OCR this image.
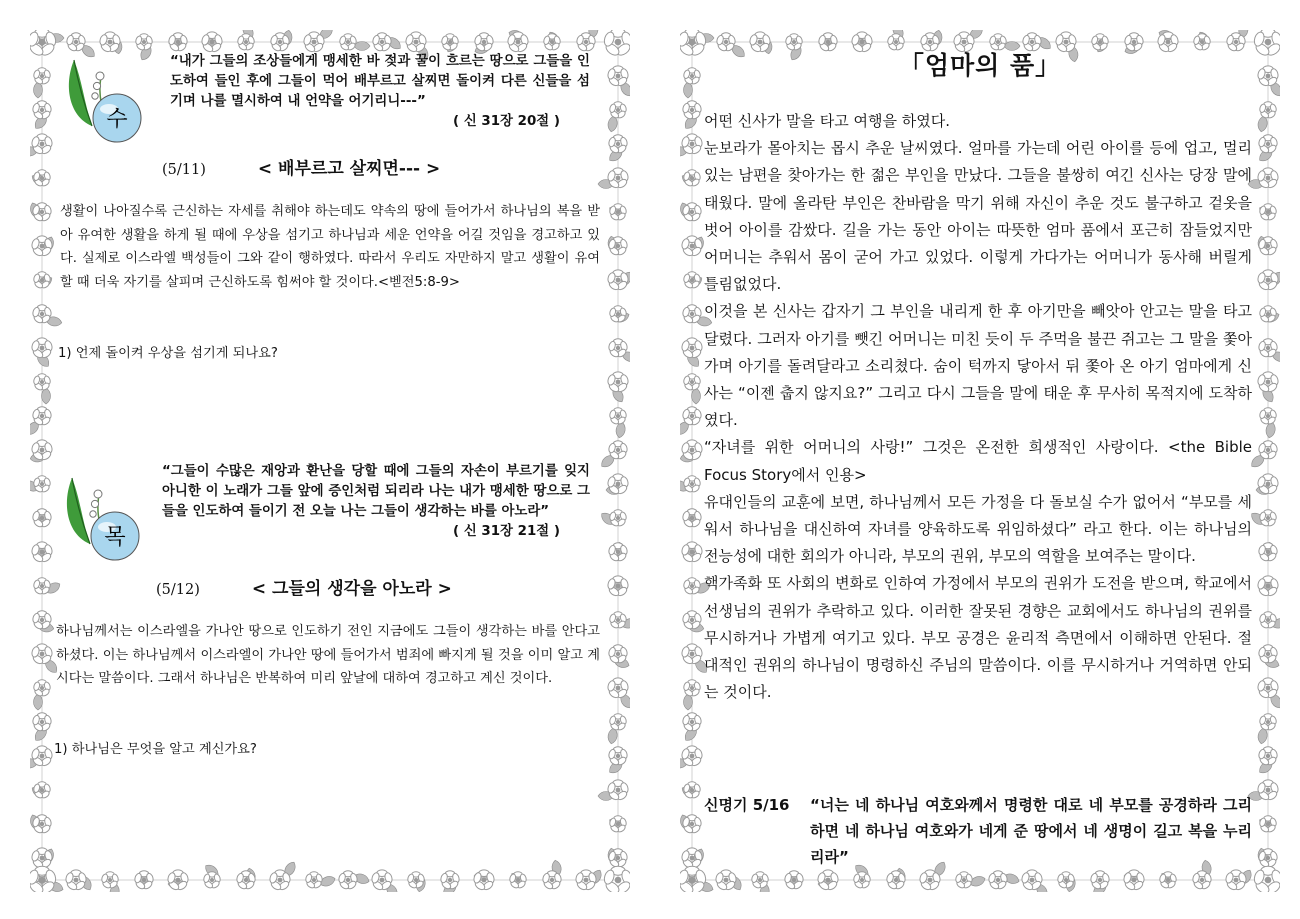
수
“내가 그들의 조상들에게 맹세한 바 젖과 꿀이 흐르는 땅으로 그들을 인도하여 들인 후에 그들이 먹어 배부르고 살찌면 돌이켜 다른 신들을 섬기며 나를 멸시하여 내 언약을 어기리니---”
( 신 31장 20절 )
(5/11)	< 배부르고 살찌면--- >
생활이 나아질수록 근신하는 자세를 취해야 하는데도 약속의 땅에 들어가서 하나님의 복을 받아 유여한 생활을 하게 될 때에 우상을 섬기고 하나님과 세운 언약을 어길 것임을 경고하고 있다. 실제로 이스라엘 백성들이 그와 같이 행하였다. 따라서 우리도 자만하지 말고 생활이 유여할 때 더욱 자기를 살피며 근신하도록 힘써야 할 것이다.<벧전5:8-9>
1) 언제 돌이켜 우상을 섬기게 되나요?
목
“그들이 수많은 재앙과 환난을 당할 때에 그들의 자손이 부르기를 잊지 아니한 이 노래가 그들 앞에 증인처럼 되리라 나는 내가 맹세한 땅으로 그들을 인도하여 들이기 전 오늘 나는 그들이 생각하는 바를 아노라”
( 신 31장 21절 )
(5/12)	< 그들의 생각을 아노라 >
하나님께서는 이스라엘을 가나안 땅으로 인도하기 전인 지금에도 그들이 생각하는 바를 안다고 하셨다. 이는 하나님께서 이스라엘이 가나안 땅에 들어가서 범죄에 빠지게 될 것을 이미 알고 계시다는 말씀이다. 그래서 하나님은 반복하여 미리 앞날에 대하여 경고하고 계신 것이다.
1) 하나님은 무엇을 알고 계신가요?
「엄마의 품」

어떤 신사가 말을 타고 여행을 하였다.

눈보라가 몰아치는 몹시 추운 날씨였다. 얼마를 가는데 어린 아이를 등에 업고, 멀리 있는 남편을 찾아가는 한 젊은 부인을 만났다. 그들을 불쌍히 여긴 신사는 당장 말에 태웠다. 말에 올라탄 부인은 찬바람을 막기 위해 자신이 추운 것도 불구하고 겉옷을 벗어 아이를 감쌌다. 길을 가는 동안 아이는 따뜻한 엄마 품에서 포근히 잠들었지만 어머니는 추워서 몸이 굳어 가고 있었다. 이렇게 가다가는 어머니가 동사해 버릴게 틀림없었다.

이것을 본 신사는 갑자기 그 부인을 내리게 한 후 아기만을 빼앗아 안고는 말을 타고 달렸다. 그러자 아기를 뺏긴 어머니는 미친 듯이 두 주먹을 불끈 쥐고는 그 말을 쫓아가며 아기를 돌려달라고 소리쳤다. 숨이 턱까지 닿아서 뒤 쫓아 온 아기 엄마에게 신사는 “이젠 춥지 않지요?” 그리고 다시 그들을 말에 태운 후 무사히 목적지에 도착하였다.

“자녀를 위한 어머니의 사랑!” 그것은 온전한 희생적인 사랑이다. <the Bible Focus Story에서 인용>

유대인들의 교훈에 보면, 하나님께서 모든 가정을 다 돌보실 수가 없어서 “부모를 세워서 하나님을 대신하여 자녀를 양육하도록 위임하셨다” 라고 한다. 이는 하나님의 전능성에 대한 회의가 아니라, 부모의 권위, 부모의 역할을 보여주는 말이다.

핵가족화 또 사회의 변화로 인하여 가정에서 부모의 권위가 도전을 받으며, 학교에서 선생님의 권위가 추락하고 있다. 이러한 잘못된 경향은 교회에서도 하나님의 권위를 무시하거나 가볍게 여기고 있다. 부모 공경은 윤리적 측면에서 이해하면 안된다. 절대적인 권위의 하나님이 명령하신 주님의 말씀이다. 이를 무시하거나 거역하면 안되는 것이다.

신명기 5/16	“너는 네 하나님 여호와께서 명령한 대로 네 부모를 공경하라 그리하면 네 하나님 여호와가 네게 준 땅에서 네 생명이 길고 복을 누리리라”
